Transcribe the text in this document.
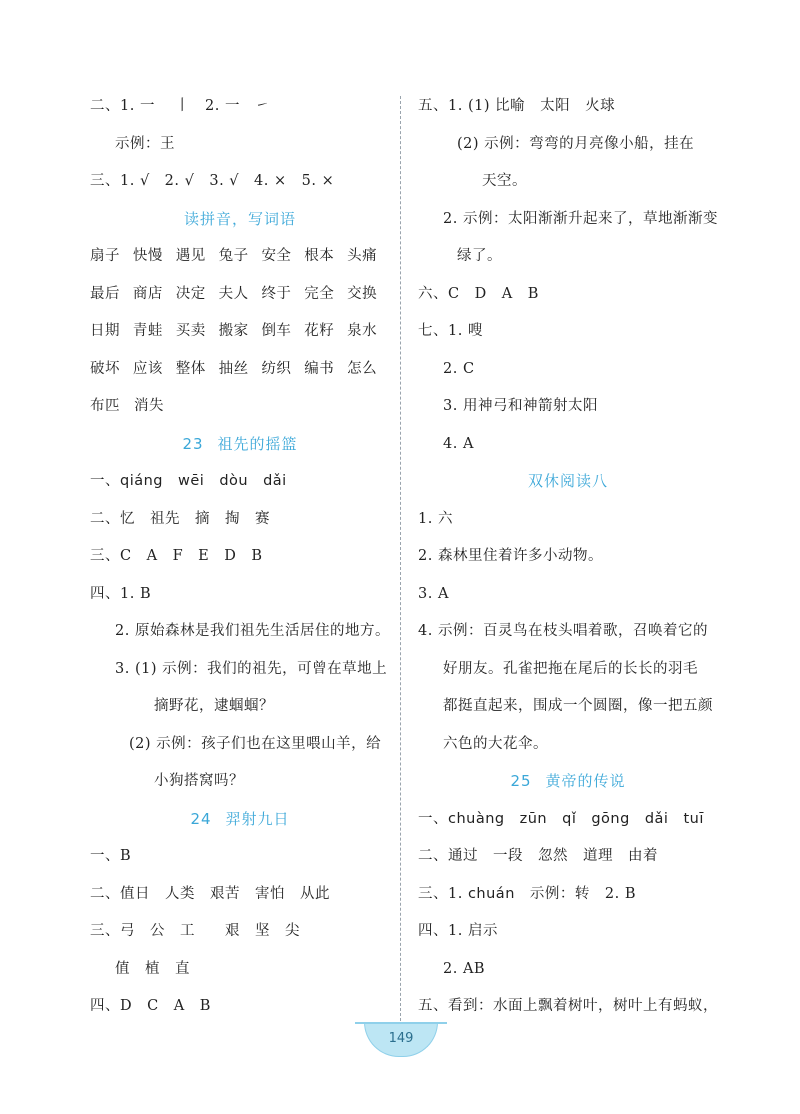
二、1. 一　 丨　2. 一　㇀
示例：王
三、1. √　2. √　3. √　4. ×　5. ×
读拼音，写词语
扇子 快慢 遇见 兔子 安全 根本 头痛
最后 商店 决定 夫人 终于 完全 交换
日期 青蛙 买卖 搬家 倒车 花籽 泉水
破坏 应该 整体 抽丝 纺织 编书 怎么
布匹 消失
23 祖先的摇篮
一、qiáng　wēi　dòu　dǎi
二、忆　祖先　摘　掏　赛
三、C　A　F　E　D　B
四、1. B
2. 原始森林是我们祖先生活居住的地方。
3. (1) 示例：我们的祖先，可曾在草地上
摘野花，逮蝈蝈？
(2) 示例：孩子们也在这里喂山羊，给
小狗搭窝吗？
24 羿射九日
一、B
二、值日　人类　艰苦　害怕　从此
三、弓　公　工　　艰　坚　尖
值　植　直
四、D　C　A　B
五、1. (1) 比喻　太阳　火球
(2) 示例：弯弯的月亮像小船，挂在
天空。
2. 示例：太阳渐渐升起来了，草地渐渐变
绿了。
六、C　D　A　B
七、1. 嗖
2. C
3. 用神弓和神箭射太阳
4. A
双休阅读八
1. 六
2. 森林里住着许多小动物。
3. A
4. 示例：百灵鸟在枝头唱着歌，召唤着它的
好朋友。孔雀把拖在尾后的长长的羽毛
都挺直起来，围成一个圆圈，像一把五颜
六色的大花伞。
25 黄帝的传说
一、chuàng　zūn　qǐ　gōng　dǎi　tuī
二、通过　一段　忽然　道理　由着
三、1. chuán　示例：转　2. B
四、1. 启示
2. AB
五、看到：水面上飘着树叶，树叶上有蚂蚁，
149
